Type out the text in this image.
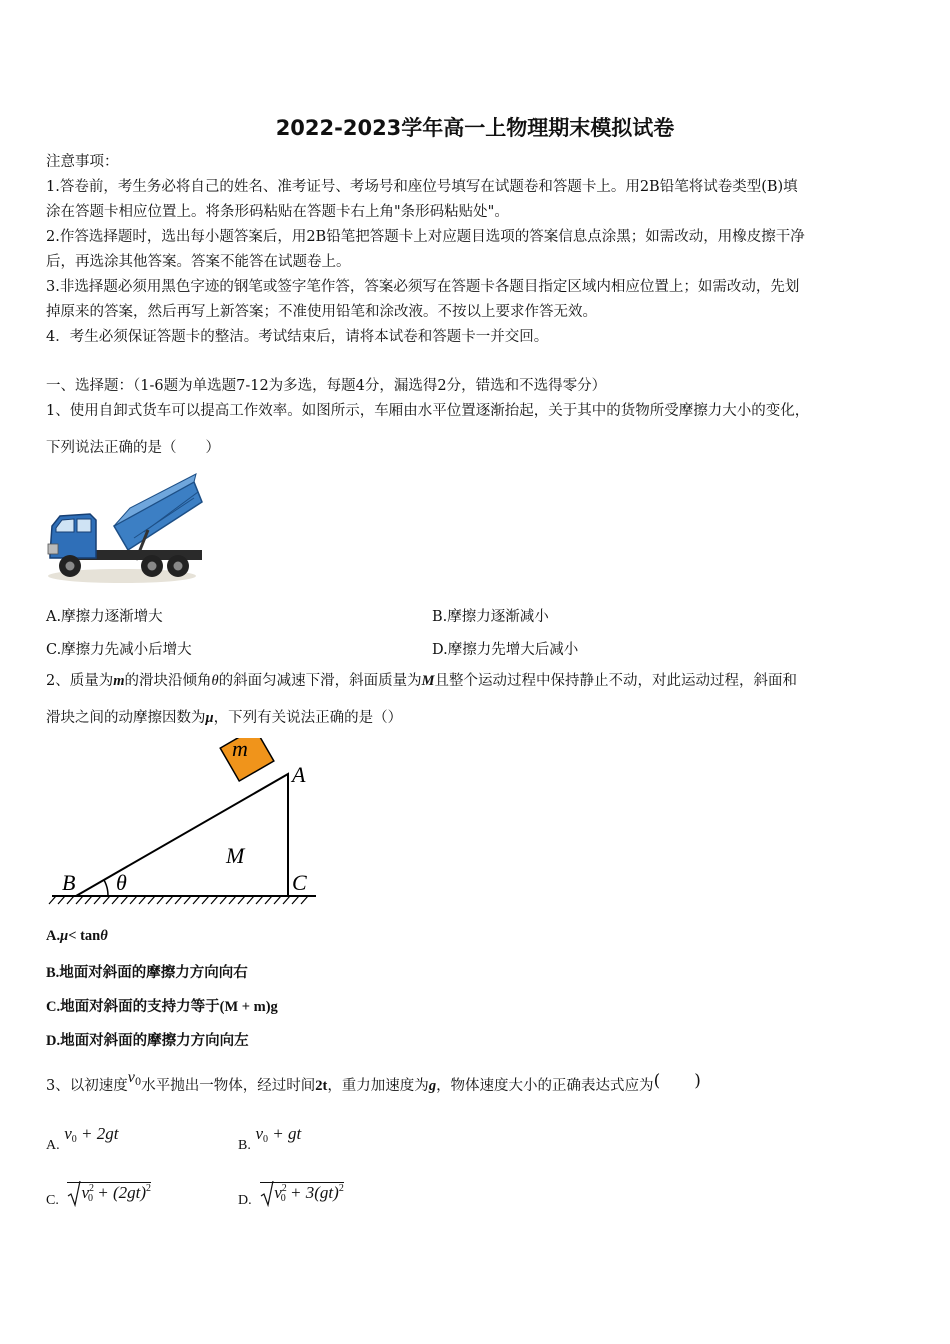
2022-2023学年高一上物理期末模拟试卷
注意事项：
1.答卷前，考生务必将自己的姓名、准考证号、考场号和座位号填写在试题卷和答题卡上。用2B铅笔将试卷类型(B)填
涂在答题卡相应位置上。将条形码粘贴在答题卡右上角"条形码粘贴处"。
2.作答选择题时，选出每小题答案后，用2B铅笔把答题卡上对应题目选项的答案信息点涂黑；如需改动，用橡皮擦干净
后，再选涂其他答案。答案不能答在试题卷上。
3.非选择题必须用黑色字迹的钢笔或签字笔作答，答案必须写在答题卡各题目指定区域内相应位置上；如需改动，先划
掉原来的答案，然后再写上新答案；不准使用铅笔和涂改液。不按以上要求作答无效。
4．考生必须保证答题卡的整洁。考试结束后，请将本试卷和答题卡一并交回。
一、选择题：（1-6题为单选题7-12为多选，每题4分，漏选得2分，错选和不选得零分）
1、使用自卸式货车可以提高工作效率。如图所示，车厢由水平位置逐渐抬起，关于其中的货物所受摩擦力大小的变化，
下列说法正确的是（　　）
A.摩擦力逐渐增大	B.摩擦力逐渐减小
C.摩擦力先减小后增大	D.摩擦力先增大后减小
2、质量为m的滑块沿倾角θ的斜面匀减速下滑，斜面质量为M且整个运动过程中保持静止不动，对此运动过程，斜面和
滑块之间的动摩擦因数为μ，下列有关说法正确的是（）
m
A
M
B θ	C
A.μ< tanθ
B.地面对斜面的摩擦力方向向右
C.地面对斜面的支持力等于(M + m)g
D.地面对斜面的摩擦力方向向左
3、以初速度$v^0$水平抛出一物体，经过时间2t，重力加速度为g，物体速度大小的正确表达式应为(　　)
A. $v_0 + 2gt$
B. $v_0$ + gt
C. $v^2_0 + (2gt)^2$
D. $v^2_0 + 3(gt)^2$
